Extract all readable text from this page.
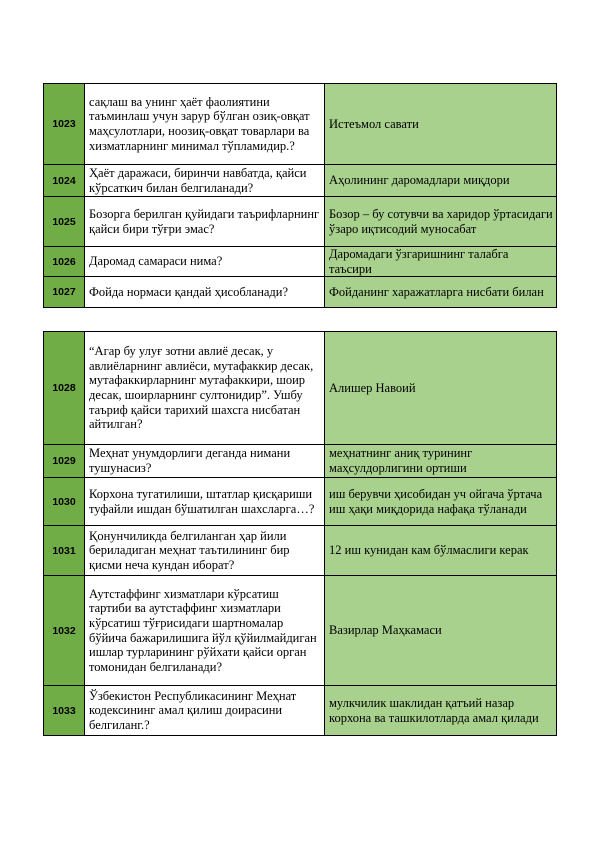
1023	сақлаш ва унинг ҳаёт фаолиятини таъминлаш учун зарур бўлган озиқ-овқат маҳсулотлари, ноозиқ-овқат товарлари ва хизматларнинг минимал тўпламидир.?	Истеъмол савати

1024	Ҳаёт даражаси, биринчи навбатда, қайси кўрсаткич билан белгиланади?	Аҳолининг даромадлари миқдори

1025	Бозорга берилган қуйидаги таърифларнинг қайси бири тўғри эмас?	Бозор – бу сотувчи ва харидор ўртасидаги ўзаро иқтисодий муносабат

1026	Даромад самараси нима?	Даромадаги ўзгаришнинг талабга таъсири

1027	Фойда нормаси қандай ҳисобланади?	Фойданинг харажатларга нисбати билан
1028	“Агар бу улуғ зотни авлиё десак, у авлиёларнинг авлиёси, мутафаккир десак, мутафаккирларнинг мутафаккири, шоир десак, шоирларнинг султонидир”. Ушбу таъриф қайси тарихий шахсга нисбатан айтилган?	Алишер Навоий

1029	Меҳнат унумдорлиги деганда нимани тушунасиз?	меҳнатнинг аниқ турининг маҳсулдорлигини ортиши

1030	Корхона тугатилиши, штатлар қисқариши туфайли ишдан бўшатилган шахсларга…?	иш берувчи ҳисобидан уч ойгача ўртача иш ҳақи миқдорида нафақа тўланади

1031	Қонунчиликда белгиланган ҳар йили бериладиган меҳнат таътилининг бир қисми неча кундан иборат?	12 иш кунидан кам бўлмаслиги керак

1032	Аутстаффинг хизматлари кўрсатиш тартиби ва аутстаффинг хизматлари кўрсатиш тўғрисидаги шартномалар бўйича бажарилишига йўл қўйилмайдиган ишлар турларининг рўйхати қайси орган томонидан белгиланади?	Вазирлар Маҳкамаси

1033	Ўзбекистон Республикасининг Меҳнат кодексининг амал қилиш доирасини белгиланг.?	мулкчилик шаклидан қатъий назар корхона ва ташкилотларда амал қилади
